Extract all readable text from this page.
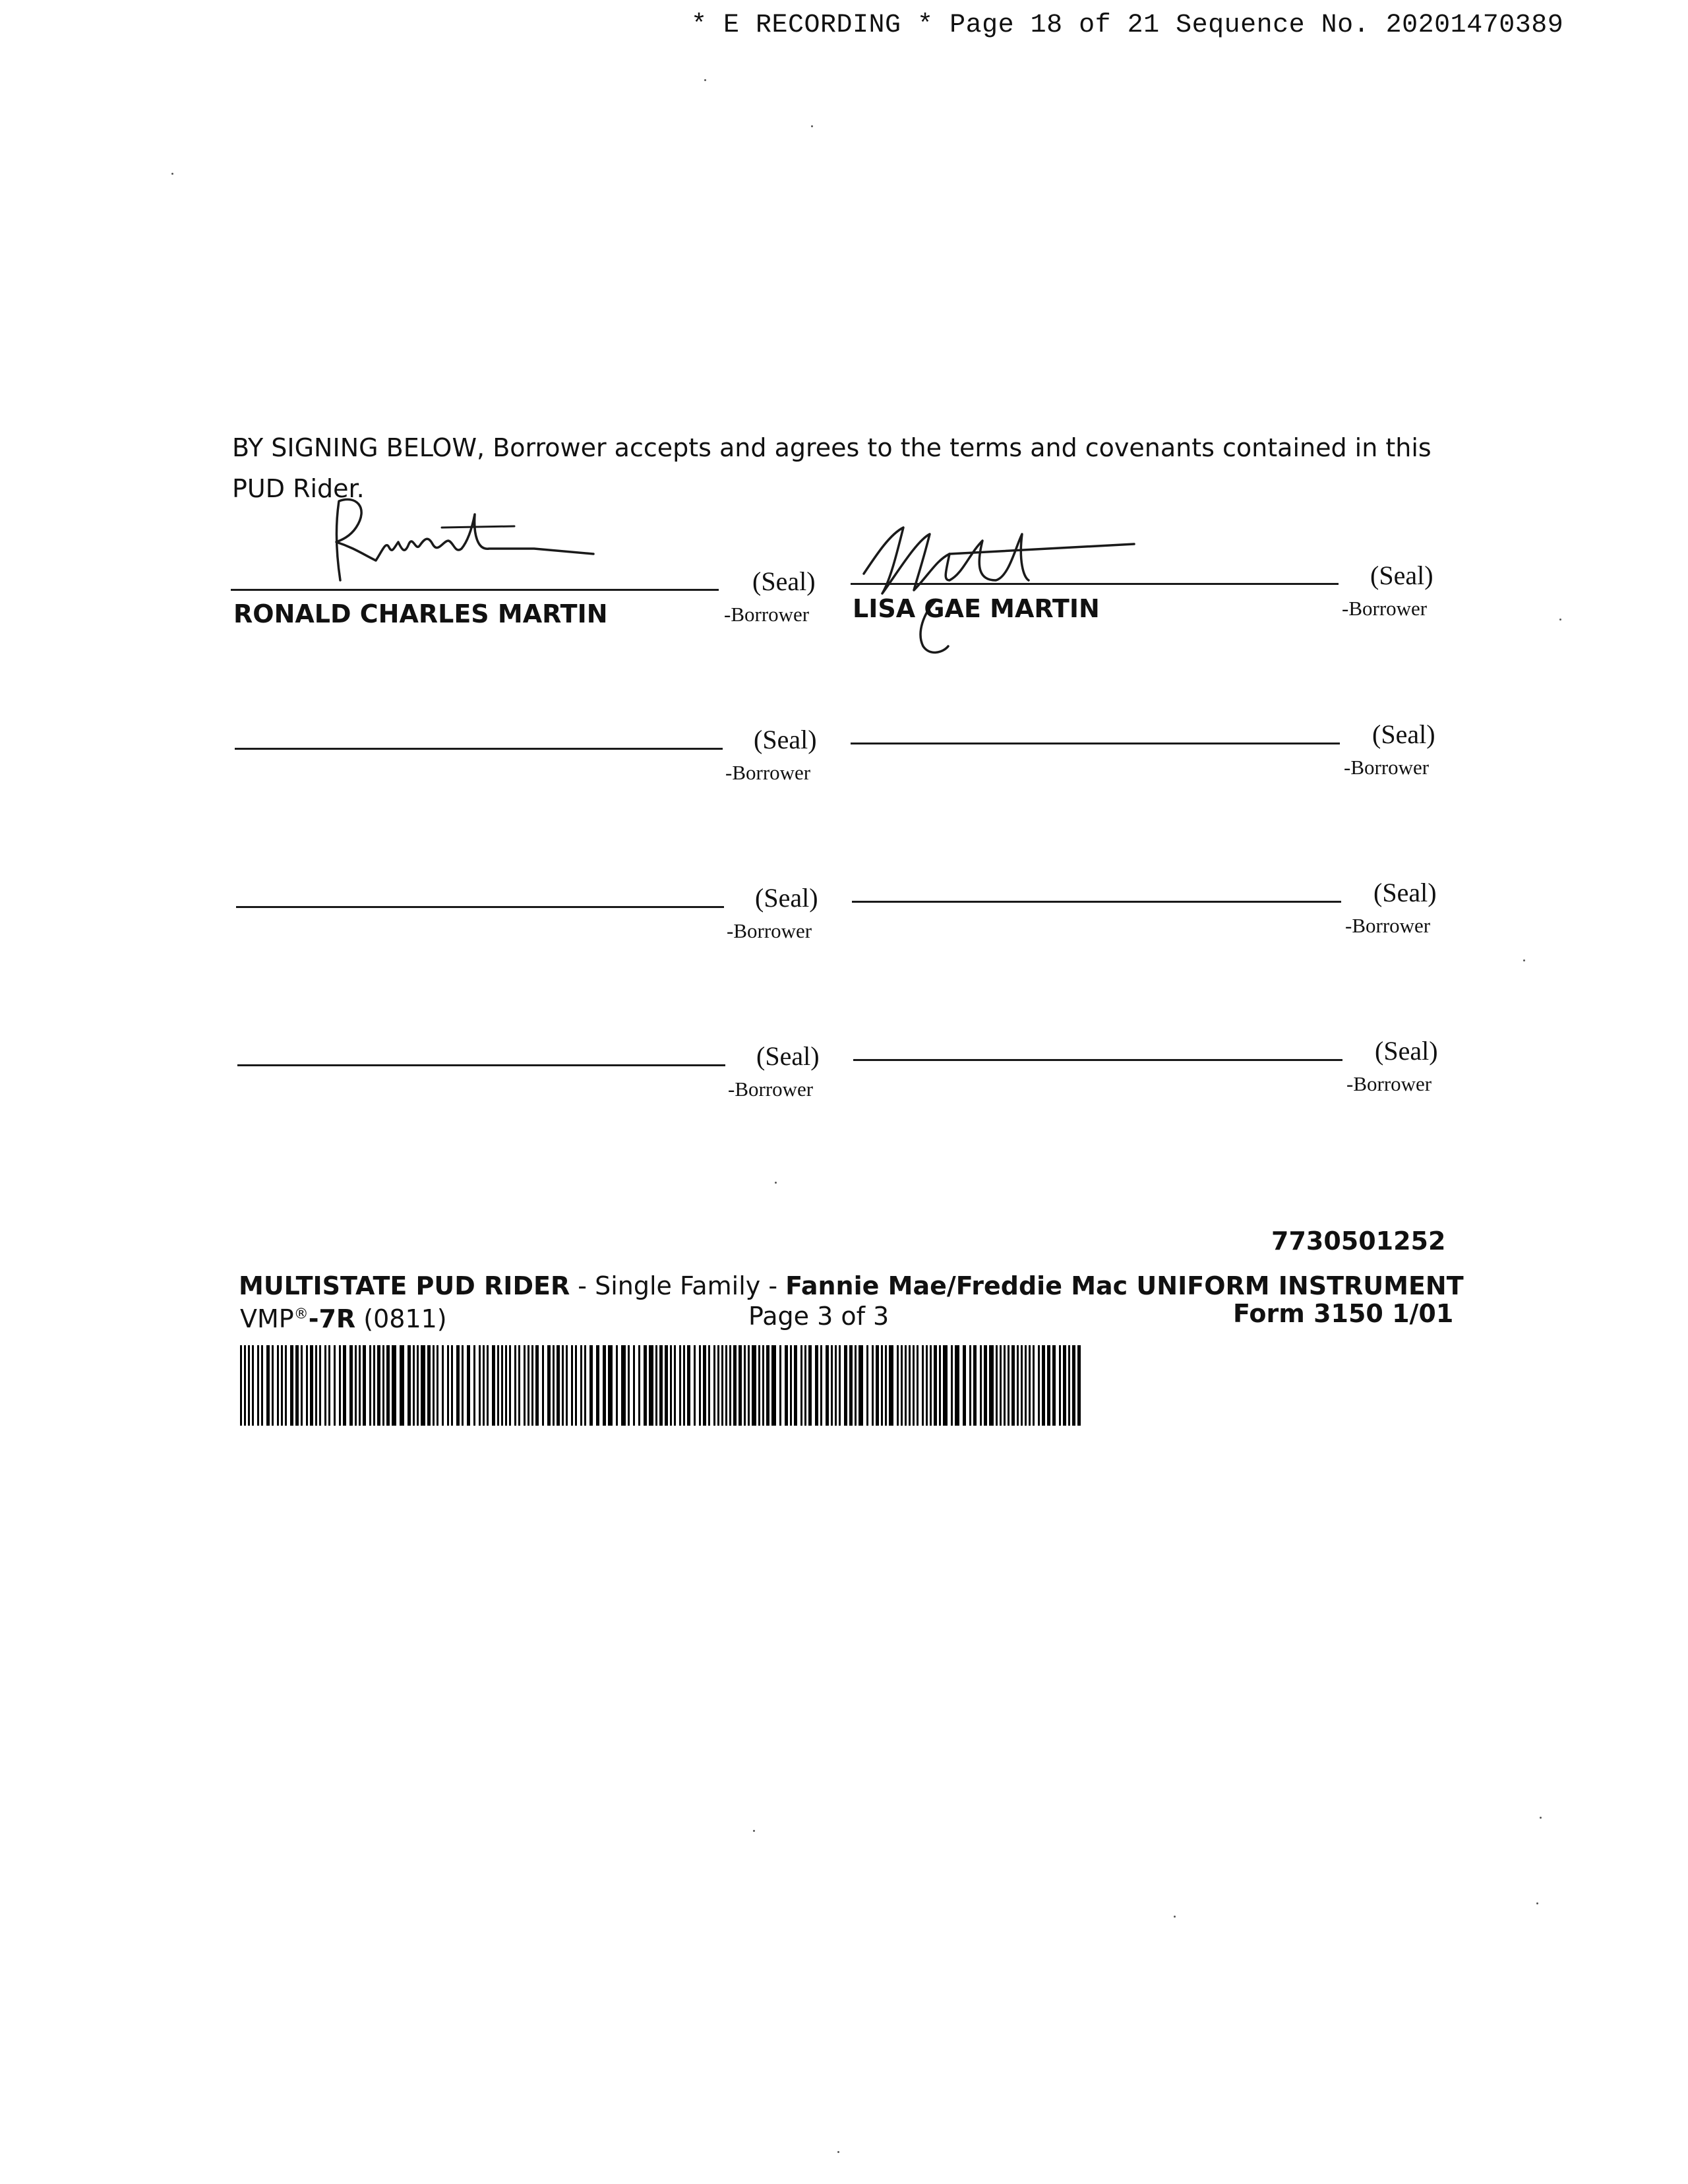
* E RECORDING * Page 18 of 21 Sequence No. 20201470389
BY SIGNING BELOW, Borrower accepts and agrees to the terms and covenants contained in this PUD Rider.
(Seal)
-Borrower
RONALD CHARLES MARTIN
(Seal)
-Borrower
LISA GAE MARTIN
(Seal)
-Borrower
(Seal)
-Borrower
(Seal)
-Borrower
(Seal)
-Borrower
(Seal)
-Borrower
(Seal)
-Borrower
7730501252
MULTISTATE PUD RIDER - Single Family - Fannie Mae/Freddie Mac UNIFORM INSTRUMENT
VMP®-7R (0811)	Page 3 of 3	Form 3150 1/01
